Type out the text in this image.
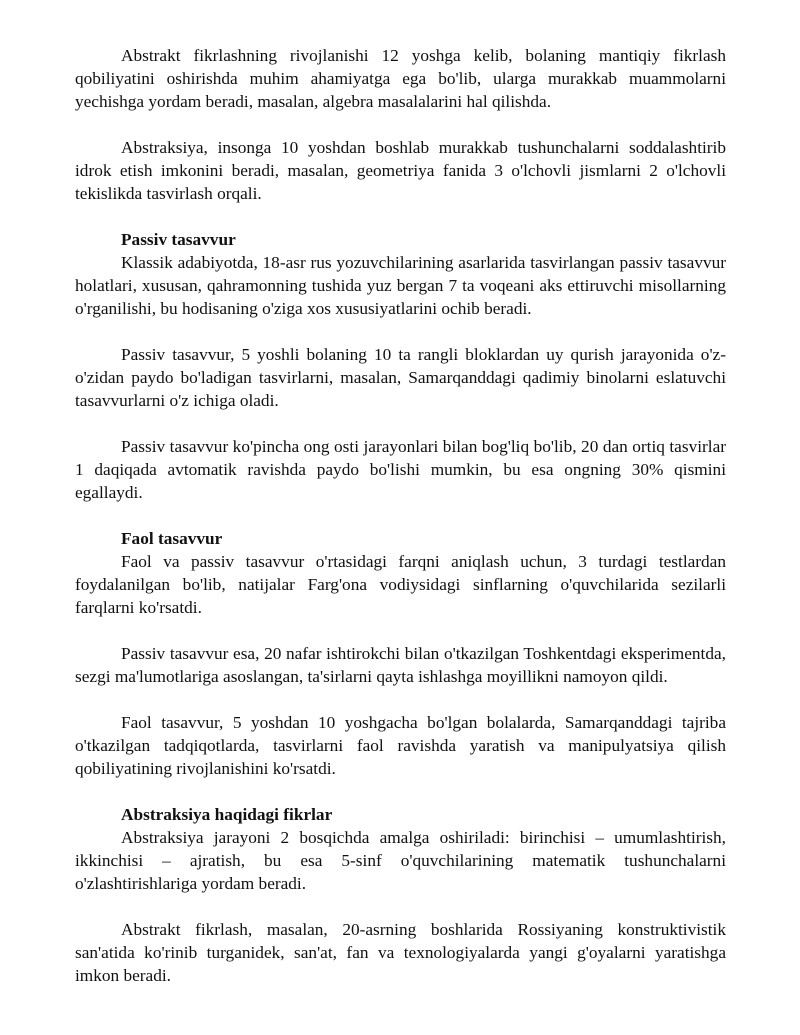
Abstrakt fikrlashning rivojlanishi 12 yoshga kelib, bolaning mantiqiy fikrlash qobiliyatini oshirishda muhim ahamiyatga ega bo'lib, ularga murakkab muammolarni yechishga yordam beradi, masalan, algebra masalalarini hal qilishda.

Abstraksiya, insonga 10 yoshdan boshlab murakkab tushunchalarni soddalashtirib idrok etish imkonini beradi, masalan, geometriya fanida 3 o'lchovli jismlarni 2 o'lchovli tekislikda tasvirlash orqali.

Passiv tasavvur

Klassik adabiyotda, 18-asr rus yozuvchilarining asarlarida tasvirlangan passiv tasavvur holatlari, xususan, qahramonning tushida yuz bergan 7 ta voqeani aks ettiruvchi misollarning o'rganilishi, bu hodisaning o'ziga xos xususiyatlarini ochib beradi.

Passiv tasavvur, 5 yoshli bolaning 10 ta rangli bloklardan uy qurish jarayonida o'z-o'zidan paydo bo'ladigan tasvirlarni, masalan, Samarqanddagi qadimiy binolarni eslatuvchi tasavvurlarni o'z ichiga oladi.

Passiv tasavvur ko'pincha ong osti jarayonlari bilan bog'liq bo'lib, 20 dan ortiq tasvirlar 1 daqiqada avtomatik ravishda paydo bo'lishi mumkin, bu esa ongning 30% qismini egallaydi.

Faol tasavvur

Faol va passiv tasavvur o'rtasidagi farqni aniqlash uchun, 3 turdagi testlardan foydalanilgan bo'lib, natijalar Farg'ona vodiysidagi sinflarning o'quvchilarida sezilarli farqlarni ko'rsatdi.

Passiv tasavvur esa, 20 nafar ishtirokchi bilan o'tkazilgan Toshkentdagi eksperimentda, sezgi ma'lumotlariga asoslangan, ta'sirlarni qayta ishlashga moyillikni namoyon qildi.

Faol tasavvur, 5 yoshdan 10 yoshgacha bo'lgan bolalarda, Samarqanddagi tajriba o'tkazilgan tadqiqotlarda, tasvirlarni faol ravishda yaratish va manipulyatsiya qilish qobiliyatining rivojlanishini ko'rsatdi.

Abstraksiya haqidagi fikrlar

Abstraksiya jarayoni 2 bosqichda amalga oshiriladi: birinchisi – umumlashtirish, ikkinchisi – ajratish, bu esa 5-sinf o'quvchilarining matematik tushunchalarni o'zlashtirishlariga yordam beradi.

Abstrakt fikrlash, masalan, 20-asrning boshlarida Rossiyaning konstruktivistik san'atida ko'rinib turganidek, san'at, fan va texnologiyalarda yangi g'oyalarni yaratishga imkon beradi.
